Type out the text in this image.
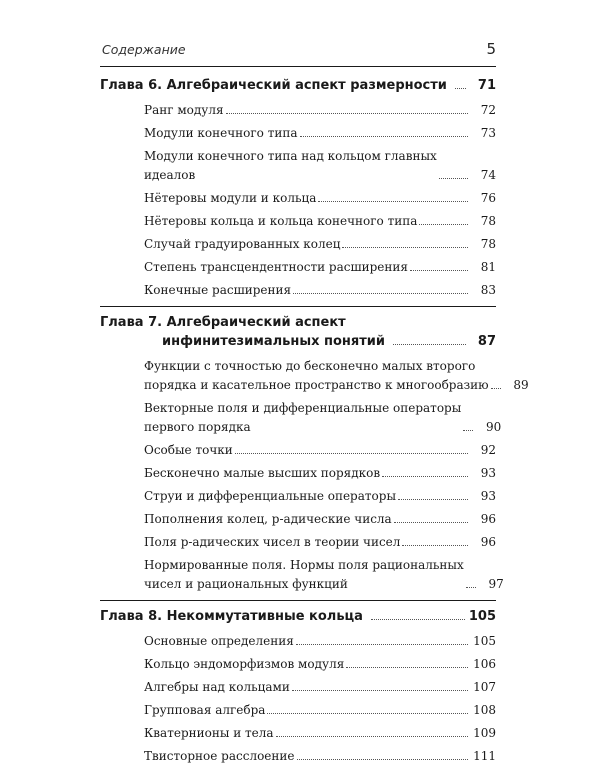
Содержание	5
Глава 6. Алгебраический аспект размерности	71
Ранг модуля	72
Модули конечного типа	73
Модули конечного типа над кольцом главных
идеалов	74
Нётеровы модули и кольца	76
Нётеровы кольца и кольца конечного типа	78
Случай градуированных колец	78
Степень трансцендентности расширения	81
Конечные расширения	83
Глава 7. Алгебраический аспект
инфинитезимальных понятий	87
Функции с точностью до бесконечно малых второго
порядка и касательное пространство к многообразию	89
Векторные поля и дифференциальные операторы
первого порядка	90
Особые точки	92
Бесконечно малые высших порядков	93
Струи и дифференциальные операторы	93
Пополнения колец, p-адические числа	96
Поля p-адических чисел в теории чисел	96
Нормированные поля. Нормы поля рациональных
чисел и рациональных функций	97
Глава 8. Некоммутативные кольца	105
Основные определения	105
Кольцо эндоморфизмов модуля	106
Алгебры над кольцами	107
Групповая алгебра	108
Кватернионы и тела	109
Твисторное расслоение	111
